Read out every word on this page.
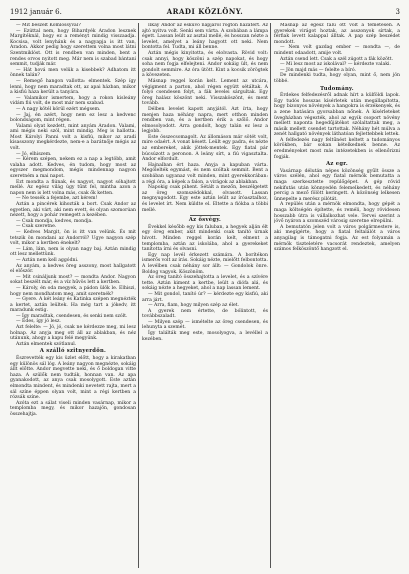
1912 január 6.	ARADI KÖZLÖNY.	3

— Mit beszélt Komlóssyval?

— Ezúttal nem, hogy Bihardyék Aradon lesznek Margitéknál, hogy ez a reményt mindig visszaadja. Kocsisa, volt lenyhánk és a nagyapja is itt van, Aradon. Akkor pedig hogy szerettem volna most látni Szentmiklóst. Ott is rendben van minden, bent a rendes orvos nyitott meg. Már nem is szabad bántani semmit, tudják már.

— Hát hová men velük a kisebbek? Adhatom itt önnek talán?

— Remegő hangon vallotta: elmentek. Szép így lenni, hogy nem maradtak ott, az apai házban, mikor a kisfiú háza került a tanyára.

— Valamikor ismertem, hogy a rokon kisleány vidám fiú volt, de most már nem szabad.

— A nagy kötél körül ezért mégsem.

— Jaj, én azért, hogy nem ez lesz a kedvenc bolondságom, mint régen.

Valami olyat kezdett, mint anyám Aradon. Valami, ami mégis neki szól, mint mindig. Meg is hallotta. Most Károlyi Panni volt a kisfiú, mikor az aradi kisasszony megkérdezte, nem-e a barátnője mégis az volt.

— Jó, elhiszem.

— Kérem szépen, nekem ez a nap a legtöbb, amit valaha adott. Kedves, én tudom, hogy most az egyszer megmondom, mégis mindennap nagyon szeretném a mai napot.

Ezt mondta a fiúnak, és nagyot, nagyot sóhajtott mellé. Az egész világ úgy tűnt fel, mintha azon a napon nem is lett volna más, csak ők ketten.

— Ne tessék a fejembe, azt kérem!

Aztán a pincérek kihozták a bort. Csak Andor az egyetlen, aki várt, aki nem evett, és olyan szomorúan nézett, hogy a pohár remegett a kezében.

— Csak mondja, kedves, mondja.

— Csak szeretne.

— Kedves Margit, ön is itt van velünk. És mit tetszik ön mondani az Andorról? Ugye nagyon szép volt, mikor a kertben énekelt?

— Lám, lám, nem is olyan nagy baj. Aztán mindig ott lesz mellettünk.

— Aztán nem kell aggódni.

Az anyám, a kedves öreg asszony, most hallgatott el először.

— Mit csináljunk most? — mondta Andor. Nagyon sokat beszélt már, és a víz hűvös lett a kertben.

— Károly, én oda megyek, a pádon ülök le. Elhiszi, hogy nem mondhatom meg, amit szeretnék?

— Gyere. A két leány és Katinka szépen megnézték a kertet, aztán leültek. Ha még tart a jókedv, itt maradunk estig.

— Így maradtak, csendesen, és senki nem szólt.

— Édes, így jó lesz.

Azt felelte: — Jó, jó, csak ne kérdezze meg, mi lesz holnap. Az anyja meg ott áll az ablakban, és néz utánunk, ahogy a kapu felé megyünk.

Aztán elmentek szótlanul.

A szálló szitnyerdőn.

Észrevették egy kis üzlet előtt, hogy a kirakatban egy különös sál lóg. A leány nagyon megnézte, sokáig állt előtte. Andor megvette neki, és ő boldogan vitte haza. A szülők nem tudták, honnan van. Az apa gyanakodott, az anya csak mosolygott. Este aztán elmondta mindent, és mindenki nevetett rajta, mert a sál színe éppen olyan volt, mint a régi kertben a rózsák színe.

Azóta ezt a sálat viseli minden vasárnap, mikor a templomba megy, és mikor hazajön, gondosan összehajtja.

Ilkay Andor az esküvő napjáról rögtön hazatért. Az ajtó nyitva volt. Senki sem várta. A szobában a lámpa égett. Lassan leült az asztal mellé, és hosszan nézte a levelet, amelyet a leány hagyott ott neki. Nem bontotta fel. Tudta, mi áll benne.

Aztán mégis kinyitotta, és elolvasta. Rövid volt: csak annyi, hogy köszöni a szép napokat, és hogy soha nem fogja elfelejteni. Andor sokáig ült, és nem gondolt semmire. Az óra ütött. Kint a kocsik zörögtek a kövezeten.

Másnap reggel korán kelt. Lement az utcára, végigment a parton, ahol régen együtt sétáltak. A folyó csendesen folyt, a fák levelei sárgultak. Egy öreg halász köszönt neki. Visszaköszönt, és ment tovább.

Délben levelet kapott anyjától. Azt írta, hogy menjen haza néhány napra, mert otthon minden rendben van, és a kertben érik a szőlő. Andor elmosolyodott. Arra gondolt, hogy talán ez lesz a legjobb.

Este összecsomagolt. Az állomáson már sötét volt, mire odaért. A vonat késett. Leült egy padra, és nézte az embereket, akik jöttek-mentek. Egy fiatal pár búcsúzott a peronon. A leány sírt, a fiú vigasztalta. Andor elfordult.

Hajnalban ért haza. Anyja a kapuban várta. Megölelték egymást, és nem szóltak semmit. Bent a szobában ugyanaz volt minden, mint gyerekkorában: a régi óra, a képek a falon, a virágok az ablakban.

Napokig csak pihent. Sétált a mezőn, beszélgetett az öreg szomszédokkal, olvasott. Lassan megnyugodott. Egy este aztán leült az íróasztalhoz, és levelet írt. Nem küldte el. Eltette a fiókba a többi mellé.

Az ősvégy.

Évekkel később egy kis faluban, a hegyek alján élt egy öreg ember, akit mindenki csak tanító úrnak hívott. Minden reggel korán kelt, elment a templomba, aztán az iskolába, ahol a gyerekeket tanította írni és olvasni.

Egy nap levél érkezett számára. A borítékon ismerős volt az írás. Sokáig nézte, mielőtt felbontotta. A levélben csak néhány sor állt: — Gondolok önre. Boldog vagyok. Köszönöm.

Az öreg tanító összehajtotta a levelet, és a szívére tette. Aztán kiment a kertbe, leült a diófa alá, és sokáig nézte a hegyeket, ahol a nap lassan lement.

— Mit gondol, tanító úr? — kérdezte egy kisfiú, aki arra járt.

— Arra, fiam, hogy milyen szép az élet.

A gyerek nem értette, de bólintott, és továbbszaladt.

— Milyen szép — ismételte az öreg csendesen, és lehunyta a szemét.

Így találták meg este, mosolyogva, a levéllel a kezében.

Másnap az egész falu ott volt a temetésen. A gyerekek virágot hoztak, az asszonyok sírtak, a férfiak levett kalappal álltak. A pap szép beszédet mondott.

— Nem volt gazdag ember — mondta —, de mindent odaadott, amije volt.

Aztán csend lett. Csak a szél zúgott a fák között.

— Mi lesz most az iskolával? — kérdezte valaki.

— Jön majd más — felelte a bíró.

De mindenki tudta, hogy olyan, mint ő, nem jön többé.

Tudomány.

Érdekes felfedezésről adnak hírt a külföldi lapok. Egy tudós hosszas kísérletek után megállapította, hogy bizonyos növények a hangokra is érzékenyek, és a zene hatására gyorsabban nőnek. A kísérleteket üvegházban végezték, ahol az egyik csoport növény mellett naponta hegedűjátékot szólaltattak meg, a másik mellett csendet tartottak. Néhány hét múlva a zenét hallgató növények láthatóan fejlettebbek lettek.

A felfedezés nagy feltűnést keltett a tudományos körökben, bár sokan kételkednek benne. Az eredményeket most más intézetekben is ellenőrizni fogják.

Az egr.

Vasárnap délután népes közönség gyűlt össze a város szélén, ahol egy fiatal mérnök bemutatta a maga szerkesztette repülőgépet. A gép rövid nekifutás után könnyedén felemelkedett, és néhány percig a mező fölött keringett. A közönség lelkesen ünnepelte a merész pilótát.

A repülés után a mérnök elmondta, hogy gépét a maga költségén építette, és reméli, hogy rövidesen hosszabb útra is vállalkozhat vele. Tervei szerint a jövő nyáron a szomszéd városig szeretne elrepülni.

A bemutatón jelen volt a város polgármestere is, aki megígérte, hogy a fiatal feltalálót a város anyagilag is támogatni fogja. Az est folyamán a mérnök tiszteletére vacsorát rendeztek, amelyen számos felköszöntő hangzott el.
